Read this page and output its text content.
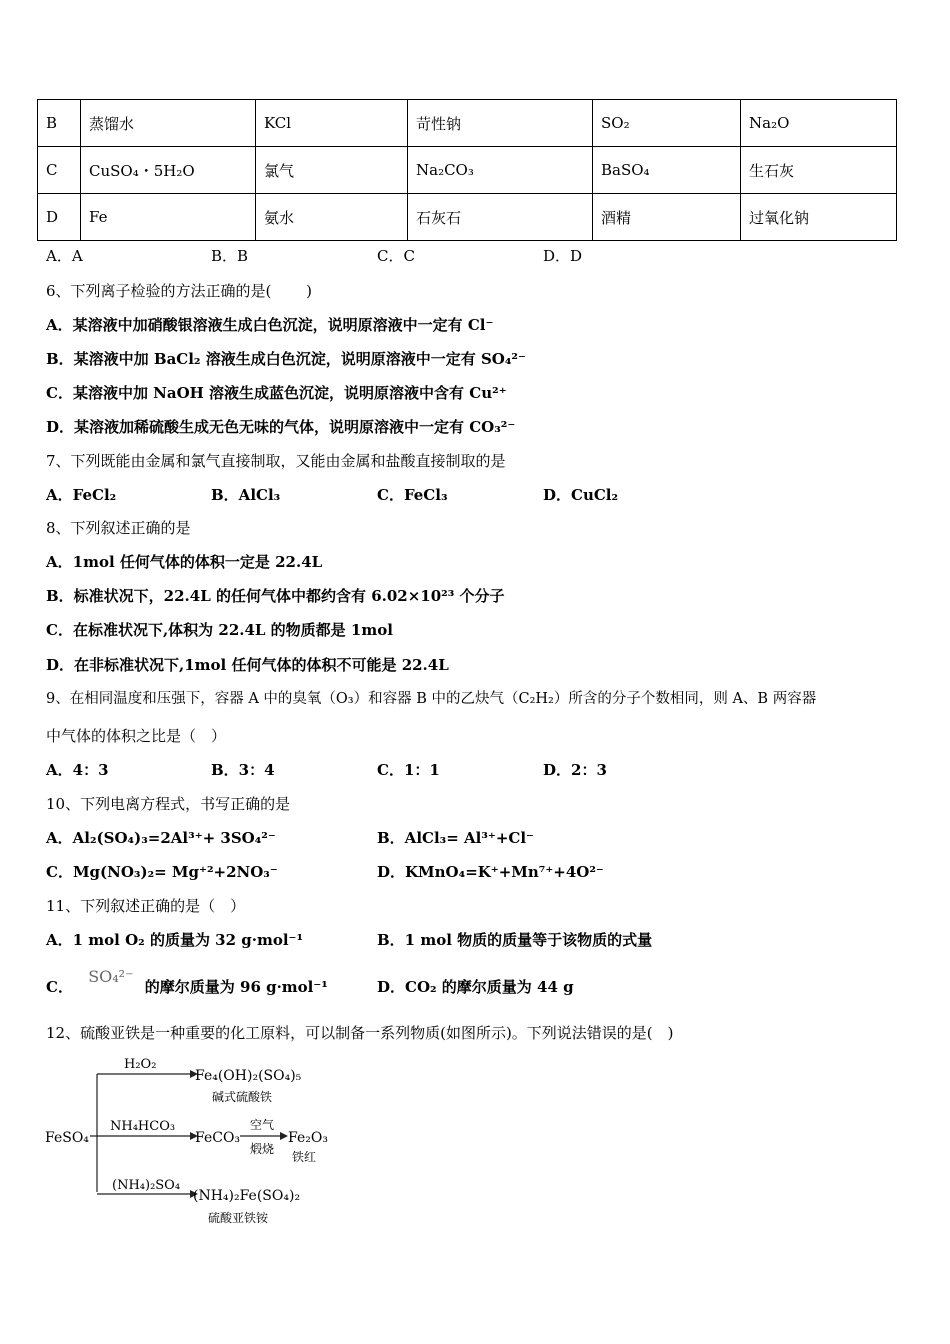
B	蒸馏水	KCl	苛性钠	SO₂	Na₂O
C	CuSO₄・5H₂O	氯气	Na₂CO₃	BaSO₄	生石灰
D	Fe	氨水	石灰石	酒精	过氧化钠
A．A	B．B	C．C	D．D
6、下列离子检验的方法正确的是(　　 )
A．某溶液中加硝酸银溶液生成白色沉淀，说明原溶液中一定有 Cl⁻
B．某溶液中加 BaCl₂ 溶液生成白色沉淀，说明原溶液中一定有 SO₄²⁻
C．某溶液中加 NaOH 溶液生成蓝色沉淀，说明原溶液中含有 Cu²⁺
D．某溶液加稀硫酸生成无色无味的气体，说明原溶液中一定有 CO₃²⁻
7、下列既能由金属和氯气直接制取，又能由金属和盐酸直接制取的是
A．FeCl₂	B．AlCl₃	C．FeCl₃	D．CuCl₂
8、下列叙述正确的是
A．1mol 任何气体的体积一定是 22.4L
B．标准状况下，22.4L 的任何气体中都约含有 6.02×10²³ 个分子
C．在标准状况下,体积为 22.4L 的物质都是 1mol
D．在非标准状况下,1mol 任何气体的体积不可能是 22.4L
9、在相同温度和压强下，容器 A 中的臭氧（O₃）和容器 B 中的乙炔气（C₂H₂）所含的分子个数相同，则 A、B 两容器
中气体的体积之比是（　）
A．4：3	B．3：4	C．1：1	D．2：3
10、下列电离方程式，书写正确的是
A．Al₂(SO₄)₃=2Al³⁺+ 3SO₄²⁻	B．AlCl₃= Al³⁺+Cl⁻
C．Mg(NO₃)₂= Mg⁺²+2NO₃⁻	D．KMnO₄=K⁺+Mn⁷⁺+4O²⁻
11、下列叙述正确的是（　）
A．1 mol O₂ 的质量为 32 g·mol⁻¹	B．1 mol 物质的质量等于该物质的式量
C． SO₄²⁻ 的摩尔质量为 96 g·mol⁻¹	D．CO₂ 的摩尔质量为 44 g
12、硫酸亚铁是一种重要的化工原料，可以制备一系列物质(如图所示)。下列说法错误的是(　)
FeSO₄
H₂O₂
Fe₄(OH)₂(SO₄)₅
碱式硫酸铁
NH₄HCO₃
FeCO₃
空气
煅烧
Fe₂O₃
铁红
(NH₄)₂SO₄
(NH₄)₂Fe(SO₄)₂
硫酸亚铁铵
